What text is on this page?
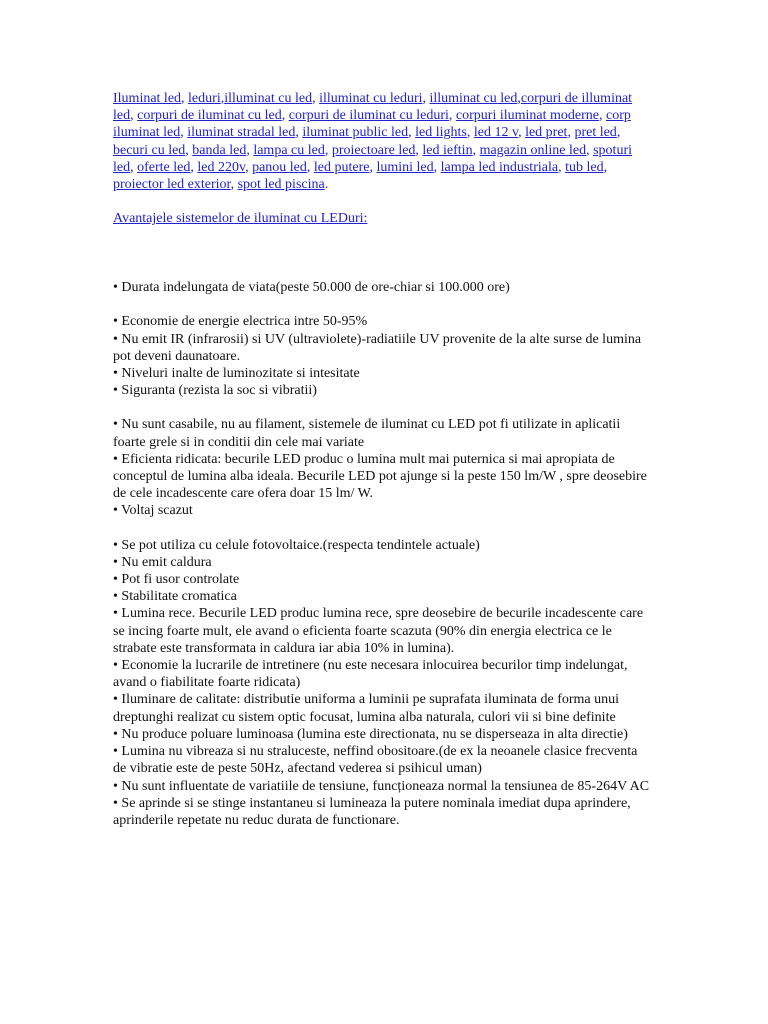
Iluminat led, leduri,illuminat cu led, illuminat cu leduri, illuminat cu led,corpuri de illuminat led, corpuri de iluminat cu led, corpuri de iluminat cu leduri, corpuri iluminat moderne, corp iluminat led, iluminat stradal led, iluminat public led, led lights, led 12 v, led pret, pret led, becuri cu led, banda led, lampa cu led, proiectoare led, led ieftin, magazin online led, spoturi led, oferte led, led 220v, panou led, led putere, lumini led, lampa led industriala, tub led, proiector led exterior, spot led piscina.
Avantajele sistemelor de iluminat cu LEDuri:

• Durata indelungata de viata(peste 50.000 de ore-chiar si 100.000 ore)

• Economie de energie electrica intre 50-95%

• Nu emit IR (infrarosii) si UV (ultraviolete)-radiatiile UV provenite de la alte surse de lumina pot deveni daunatoare.

• Niveluri inalte de luminozitate si intesitate

• Siguranta (rezista la soc si vibratii)

• Nu sunt casabile, nu au filament, sistemele de iluminat cu LED pot fi utilizate in aplicatii foarte grele si in conditii din cele mai variate

• Eficienta ridicata: becurile LED produc o lumina mult mai puternica si mai apropiata de conceptul de lumina alba ideala. Becurile LED pot ajunge si la peste 150 lm/W , spre deosebire de cele incadescente care ofera doar 15 lm/ W.

• Voltaj scazut

• Se pot utiliza cu celule fotovoltaice.(respecta tendintele actuale)

• Nu emit caldura

• Pot fi usor controlate

• Stabilitate cromatica

• Lumina rece. Becurile LED produc lumina rece, spre deosebire de becurile incadescente care se incing foarte mult, ele avand o eficienta foarte scazuta (90% din energia electrica ce le strabate este transformata in caldura iar abia 10% in lumina).

• Economie la lucrarile de intretinere (nu este necesara inlocuirea becurilor timp indelungat, avand o fiabilitate foarte ridicata)

• Iluminare de calitate: distributie uniforma a luminii pe suprafata iluminata de forma unui dreptunghi realizat cu sistem optic focusat, lumina alba naturala, culori vii si bine definite

• Nu produce poluare luminoasa (lumina este directionata, nu se disperseaza in alta directie)

• Lumina nu vibreaza si nu straluceste, neffind obositoare.(de ex la neoanele clasice frecventa de vibratie este de peste 50Hz, afectand vederea si psihicul uman)

• Nu sunt influentate de variatiile de tensiune, funcționeaza normal la tensiunea de 85-264V AC

• Se aprinde si se stinge instantaneu si lumineaza la putere nominala imediat dupa aprindere, aprinderile repetate nu reduc durata de functionare.
